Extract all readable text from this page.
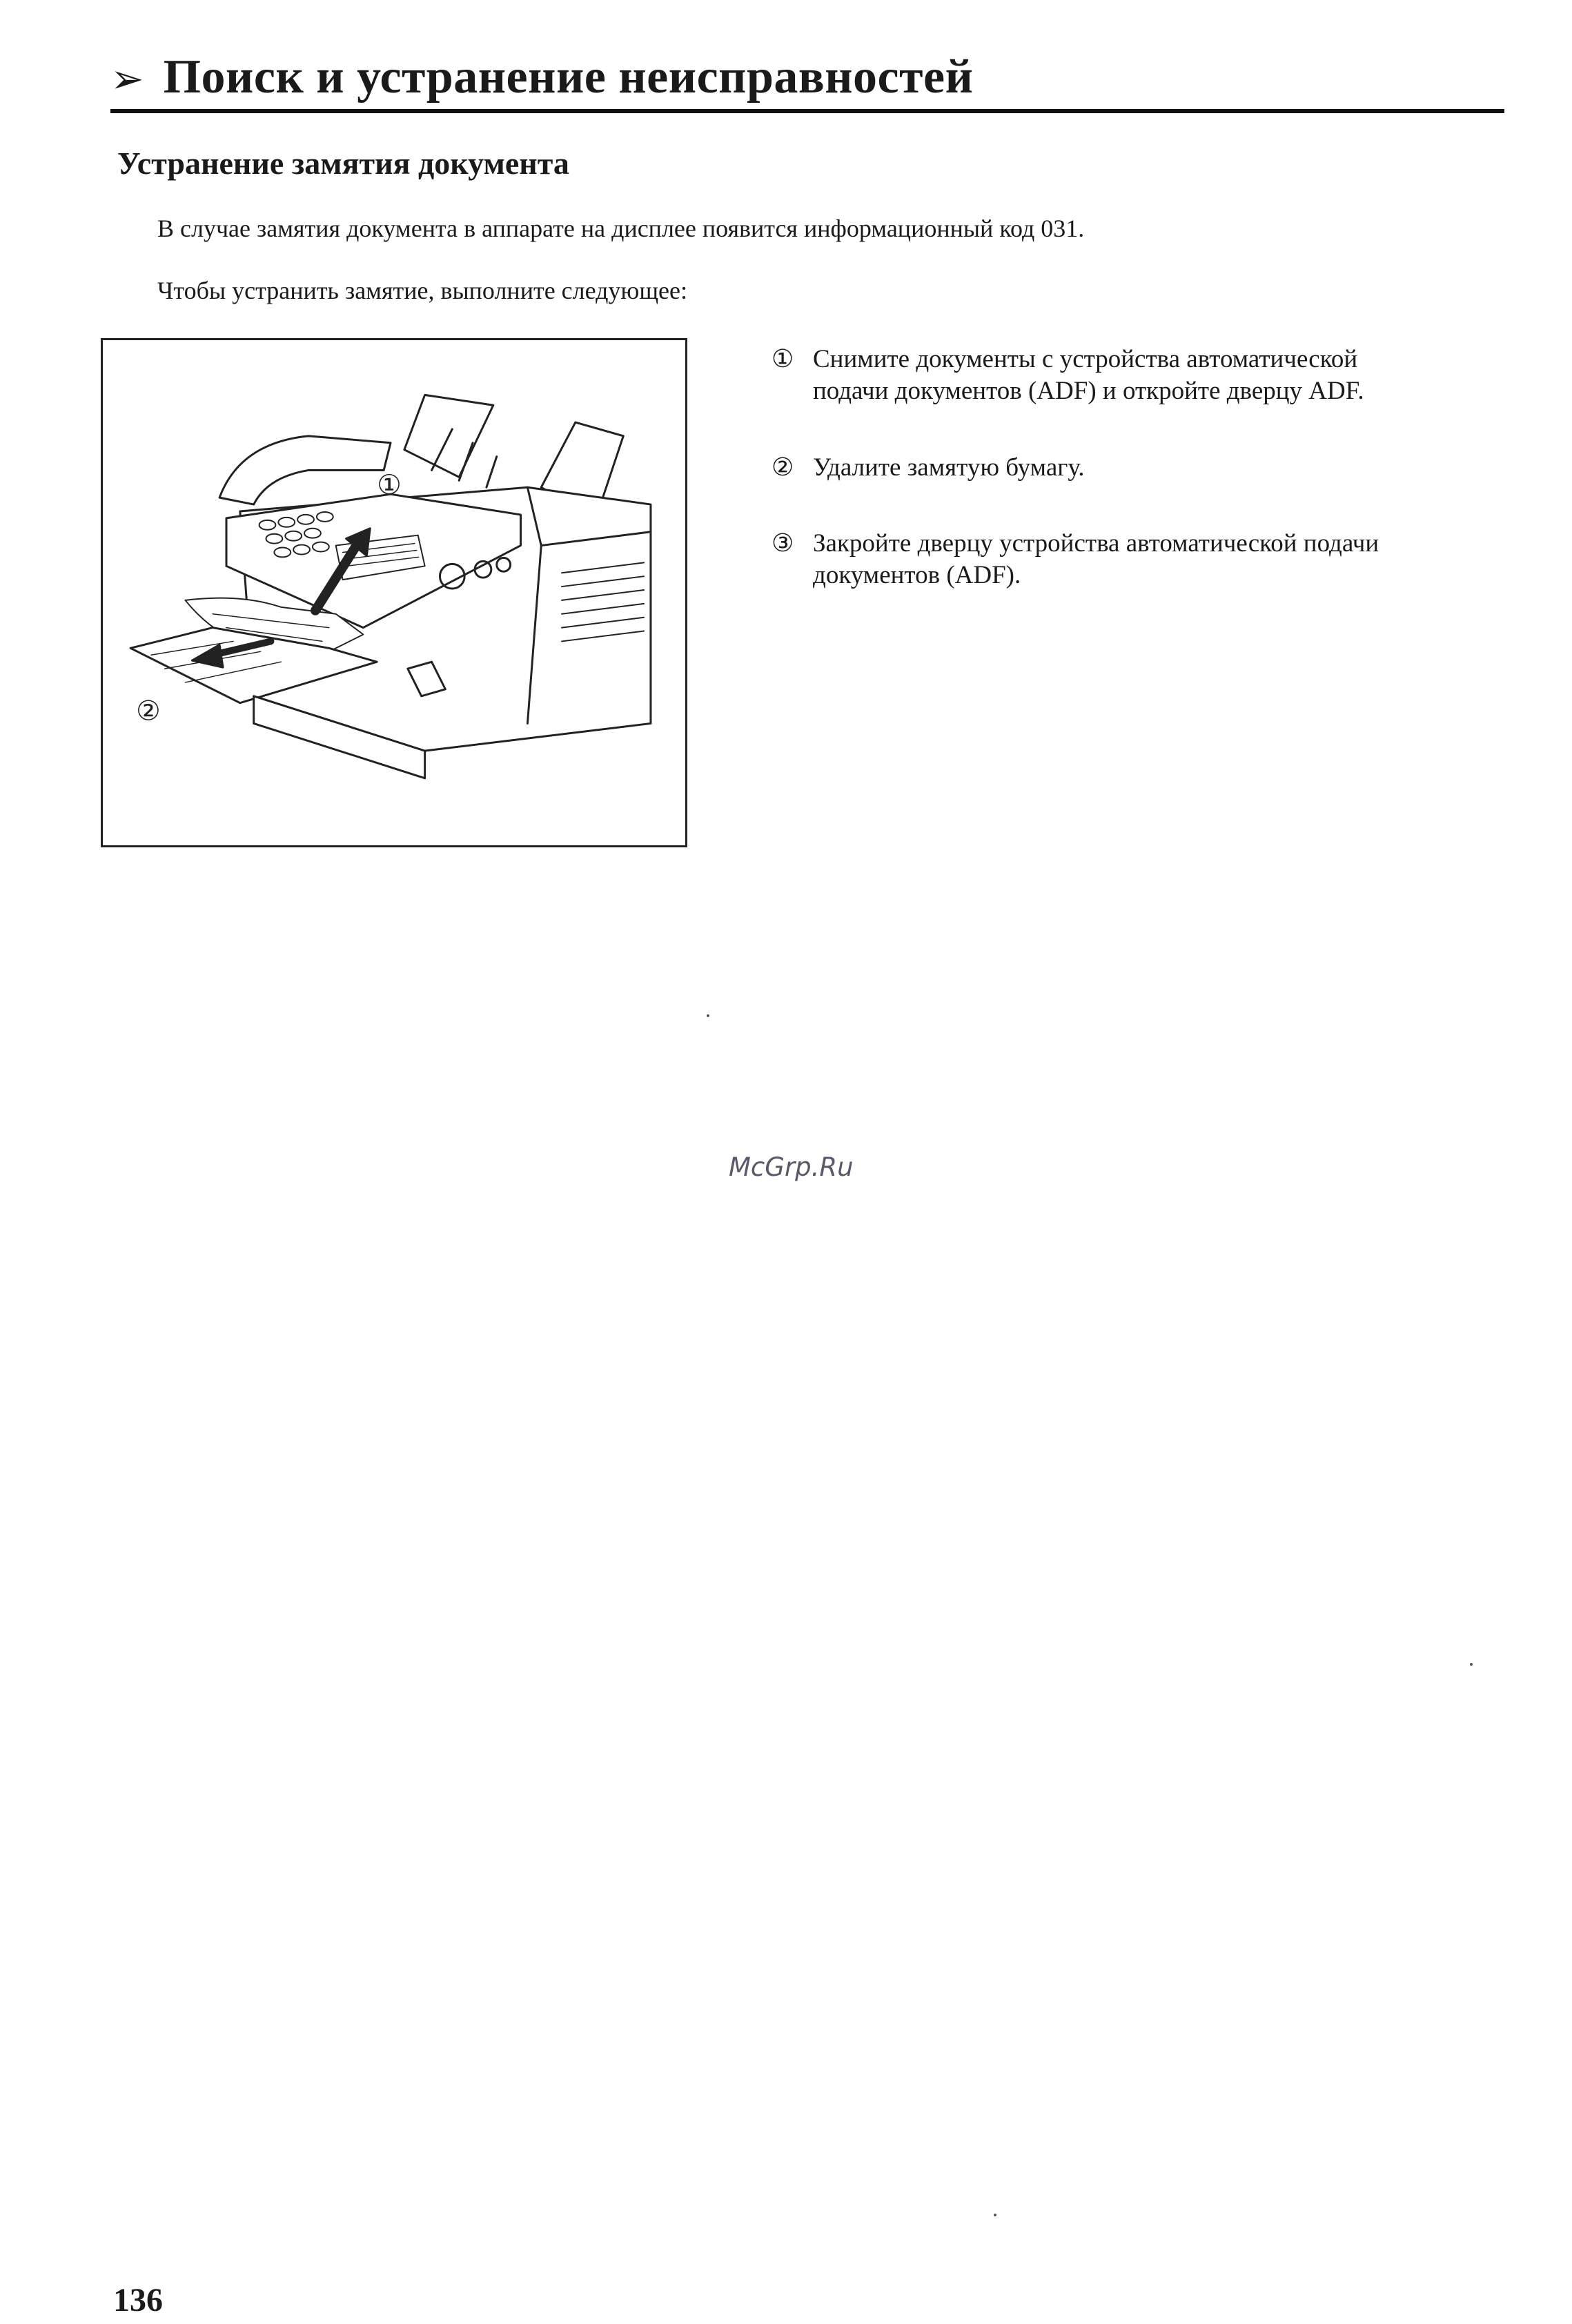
➢ Поиск и устранение неисправностей
Устранение замятия документа
В случае замятия документа в аппарате на дисплее появится информационный код 031.
Чтобы устранить замятие, выполните следующее:
①
②
① Снимите документы с устройства автоматической подачи документов (ADF) и откройте дверцу ADF.
② Удалите замятую бумагу.
③ Закройте дверцу устройства автоматической подачи документов (ADF).
McGrp.Ru
136
